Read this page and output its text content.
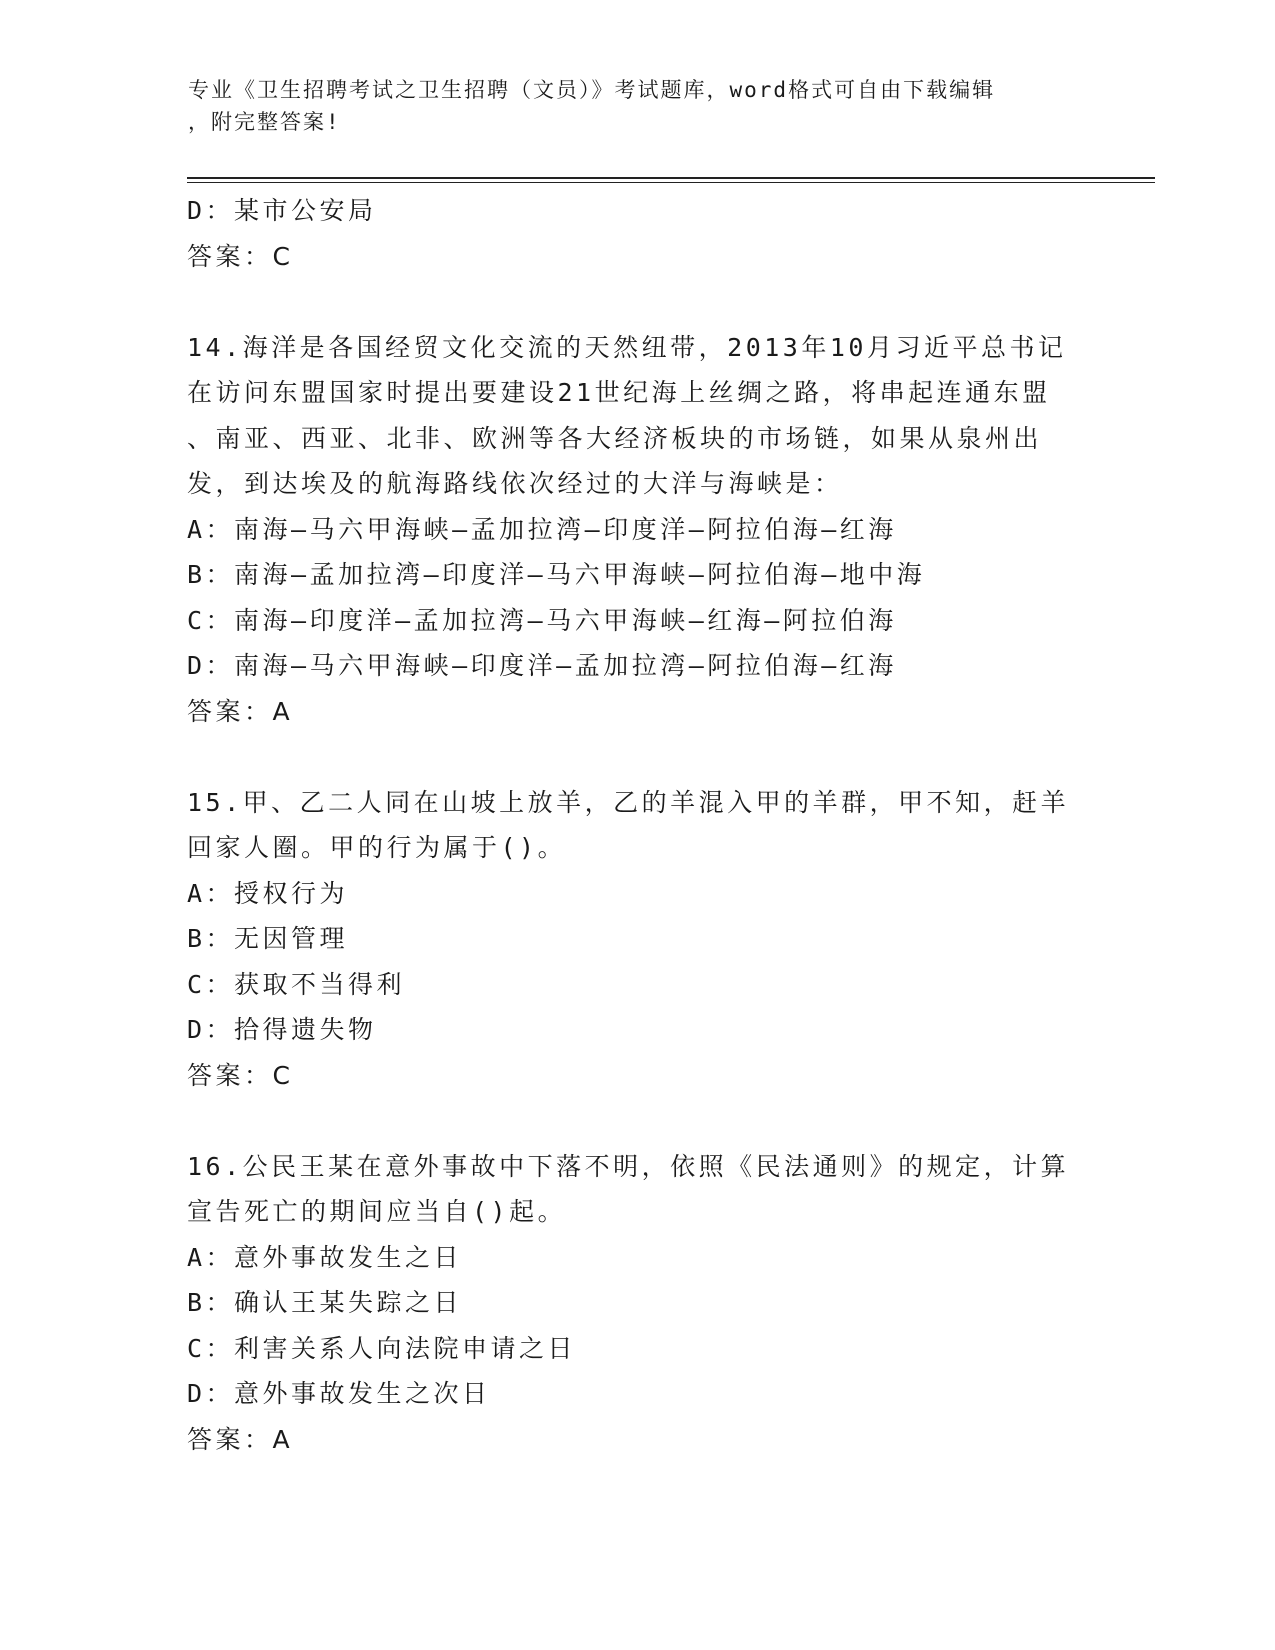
专业《卫生招聘考试之卫生招聘（文员）》考试题库，word格式可自由下载编辑
，附完整答案!
D：某市公安局
答案：C
14.海洋是各国经贸文化交流的天然纽带，2013年10月习近平总书记
在访问东盟国家时提出要建设21世纪海上丝绸之路，将串起连通东盟
、南亚、西亚、北非、欧洲等各大经济板块的市场链，如果从泉州出
发，到达埃及的航海路线依次经过的大洋与海峡是：
A：南海—马六甲海峡—孟加拉湾—印度洋—阿拉伯海—红海
B：南海—孟加拉湾—印度洋—马六甲海峡—阿拉伯海—地中海
C：南海—印度洋—孟加拉湾—马六甲海峡—红海—阿拉伯海
D：南海—马六甲海峡—印度洋—孟加拉湾—阿拉伯海—红海
答案：A
15.甲、乙二人同在山坡上放羊，乙的羊混入甲的羊群，甲不知，赶羊
回家人圈。甲的行为属于()。
A：授权行为
B：无因管理
C：获取不当得利
D：拾得遗失物
答案：C
16.公民王某在意外事故中下落不明，依照《民法通则》的规定，计算
宣告死亡的期间应当自()起。
A：意外事故发生之日
B：确认王某失踪之日
C：利害关系人向法院申请之日
D：意外事故发生之次日
答案：A
